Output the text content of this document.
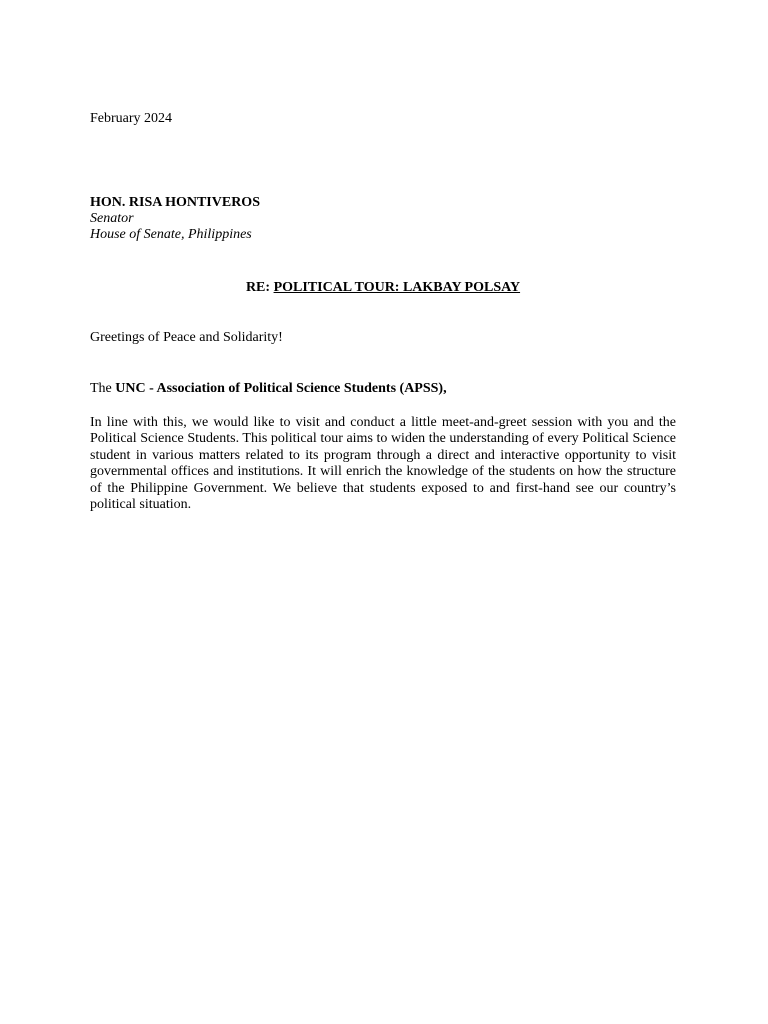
February 2024
HON. RISA HONTIVEROS
Senator
House of Senate, Philippines
RE: POLITICAL TOUR: LAKBAY POLSAY
Greetings of Peace and Solidarity!
The UNC - Association of Political Science Students (APSS),
In line with this, we would like to visit and conduct a little meet-and-greet session with you and the Political Science Students. This political tour aims to widen the understanding of every Political Science student in various matters related to its program through a direct and interactive opportunity to visit governmental offices and institutions. It will enrich the knowledge of the students on how the structure of the Philippine Government. We believe that students exposed to and first-hand see our country’s political situation.
